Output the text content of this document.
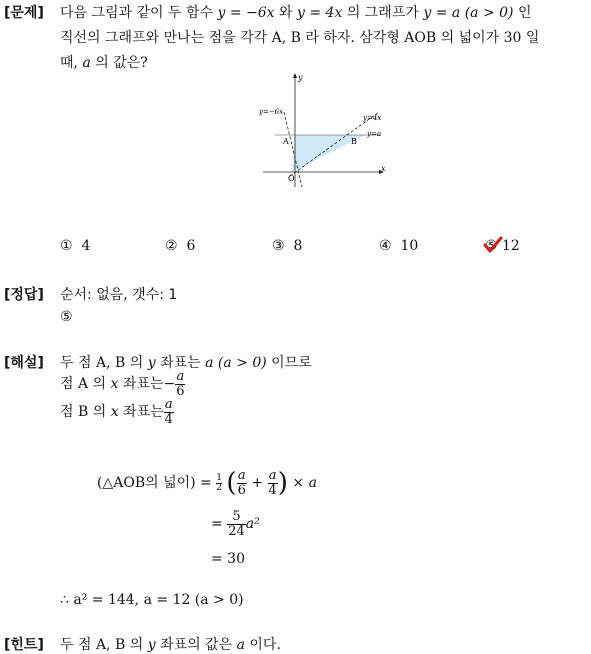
[문제] 다음 그림과 같이 두 함수 y = −6x 와 y = 4x 의 그래프가 y = a (a > 0) 인
직선의 그래프와 만나는 점을 각각 A, B 라 하자. 삼각형 AOB 의 넓이가 30 일
때, a 의 값은?
y
x
O
A	B
y=−6x
y=4x
y=a
① 4	② 6	③ 8	④ 10	⑤ 12
[정답] 순서: 없음, 갯수: 1
⑤
[해설] 두 점 A, B 의 y 좌표는 a (a > 0) 이므로
점 A 의 x 좌표는− $\frac{a}{6}$
점 B 의 x 좌표는 $\frac{a}{4}$
(△AOB의 넓이) = $\frac{1}{2}$ ( $\frac{a}{6} + \frac{a}{4}$ ) × a
= $\frac{5}{24} a^2$
= 30
∴ a² = 144, a = 12 (a > 0)
[힌트] 두 점 A, B 의 y 좌표의 값은 a 이다.
